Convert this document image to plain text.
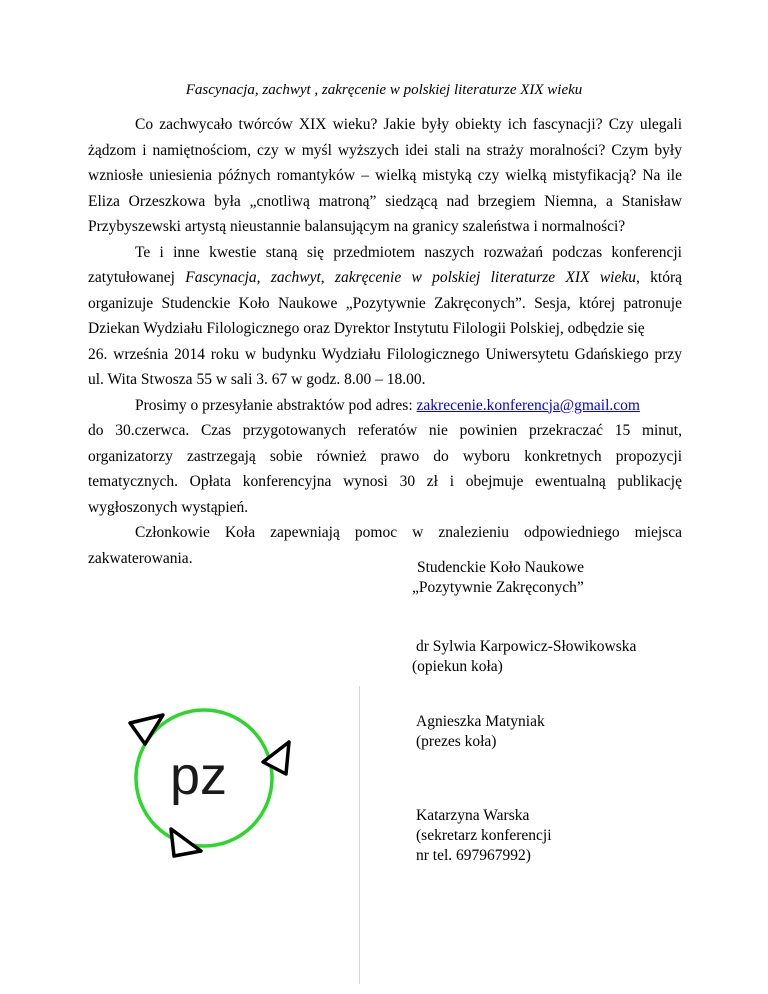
Fascynacja, zachwyt , zakręcenie w polskiej literaturze XIX wieku

Co zachwycało twórców XIX wieku? Jakie były obiekty ich fascynacji? Czy ulegali żądzom i namiętnościom, czy w myśl wyższych idei stali na straży moralności? Czym były wzniosłe uniesienia późnych romantyków – wielką mistyką czy wielką mistyfikacją? Na ile Eliza Orzeszkowa była „cnotliwą matroną” siedzącą nad brzegiem Niemna, a Stanisław Przybyszewski artystą nieustannie balansującym na granicy szaleństwa i normalności?

Te i inne kwestie staną się przedmiotem naszych rozważań podczas konferencji zatytułowanej Fascynacja, zachwyt, zakręcenie w polskiej literaturze XIX wieku, którą organizuje Studenckie Koło Naukowe „Pozytywnie Zakręconych”. Sesja, której patronuje Dziekan Wydziału Filologicznego oraz Dyrektor Instytutu Filologii Polskiej, odbędzie się

26. września 2014 roku w budynku Wydziału Filologicznego Uniwersytetu Gdańskiego przy ul. Wita Stwosza 55 w sali 3. 67 w godz. 8.00 – 18.00.

Prosimy o przesyłanie abstraktów pod adres: zakrecenie.konferencja@gmail.com

do 30.czerwca. Czas przygotowanych referatów nie powinien przekraczać 15 minut, organizatorzy zastrzegają sobie również prawo do wyboru konkretnych propozycji tematycznych. Opłata konferencyjna wynosi 30 zł i obejmuje ewentualną publikację wygłoszonych wystąpień.

Członkowie Koła zapewniają pomoc w znalezieniu odpowiedniego miejsca zakwaterowania.

Studenckie Koło Naukowe
„Pozytywnie Zakręconych”
dr Sylwia Karpowicz-Słowikowska
(opiekun koła)
Agnieszka Matyniak
(prezes koła)
Katarzyna Warska
(sekretarz konferencji
nr tel. 697967992)
pz
